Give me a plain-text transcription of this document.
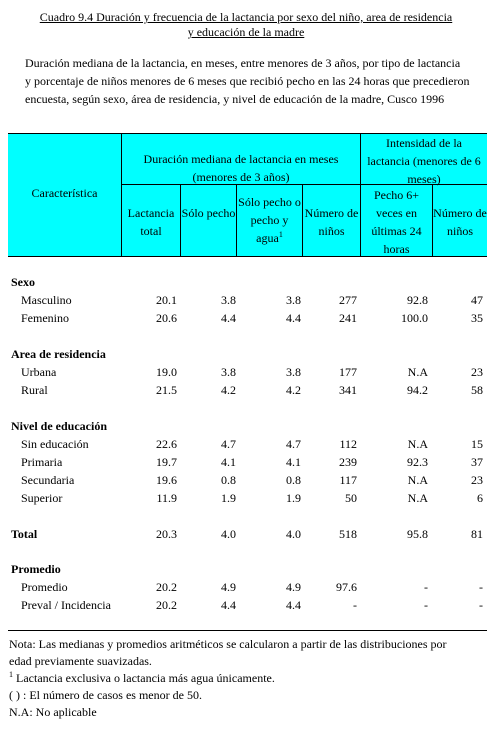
Cuadro 9.4 Duración y frecuencia de la lactancia por sexo del niño, area de residencia
y educación de la madre
Duración mediana de la lactancia, en meses, entre menores de 3 años, por tipo de lactancia
y porcentaje de niños menores de 6 meses que recibió pecho en las 24 horas que precedieron
encuesta, según sexo, área de residencia, y nivel de educación de la madre, Cusco 1996
Característica
Duración mediana de lactancia en meses (menores de 3 años)
Intensidad de la lactancia (menores de 6 meses)
Lactancia total
Sólo pecho
Sólo pecho o pecho y agua$^1$
Número de niños
Pecho 6+ veces en últimas 24 horas
Número de niños
Sexo
Masculino	20.1	3.8	3.8	277	92.8	47
Femenino	20.6	4.4	4.4	241	100.0	35
Area de residencia
Urbana	19.0	3.8	3.8	177	N.A	23
Rural	21.5	4.2	4.2	341	94.2	58
Nivel de educación
Sin educación	22.6	4.7	4.7	112	N.A	15
Primaria	19.7	4.1	4.1	239	92.3	37
Secundaria	19.6	0.8	0.8	117	N.A	23
Superior	11.9	1.9	1.9	50	N.A	6
Total	20.3	4.0	4.0	518	95.8	81
Promedio
Promedio	20.2	4.9	4.9	97.6	-	-
Preval / Incidencia	20.2	4.4	4.4	-	-	-
Nota: Las medianas y promedios aritméticos se calcularon a partir de las distribuciones por
edad previamente suavizadas.
$^1$ Lactancia exclusiva o lactancia más agua únicamente.
( ) : El número de casos es menor de 50.
N.A: No aplicable
